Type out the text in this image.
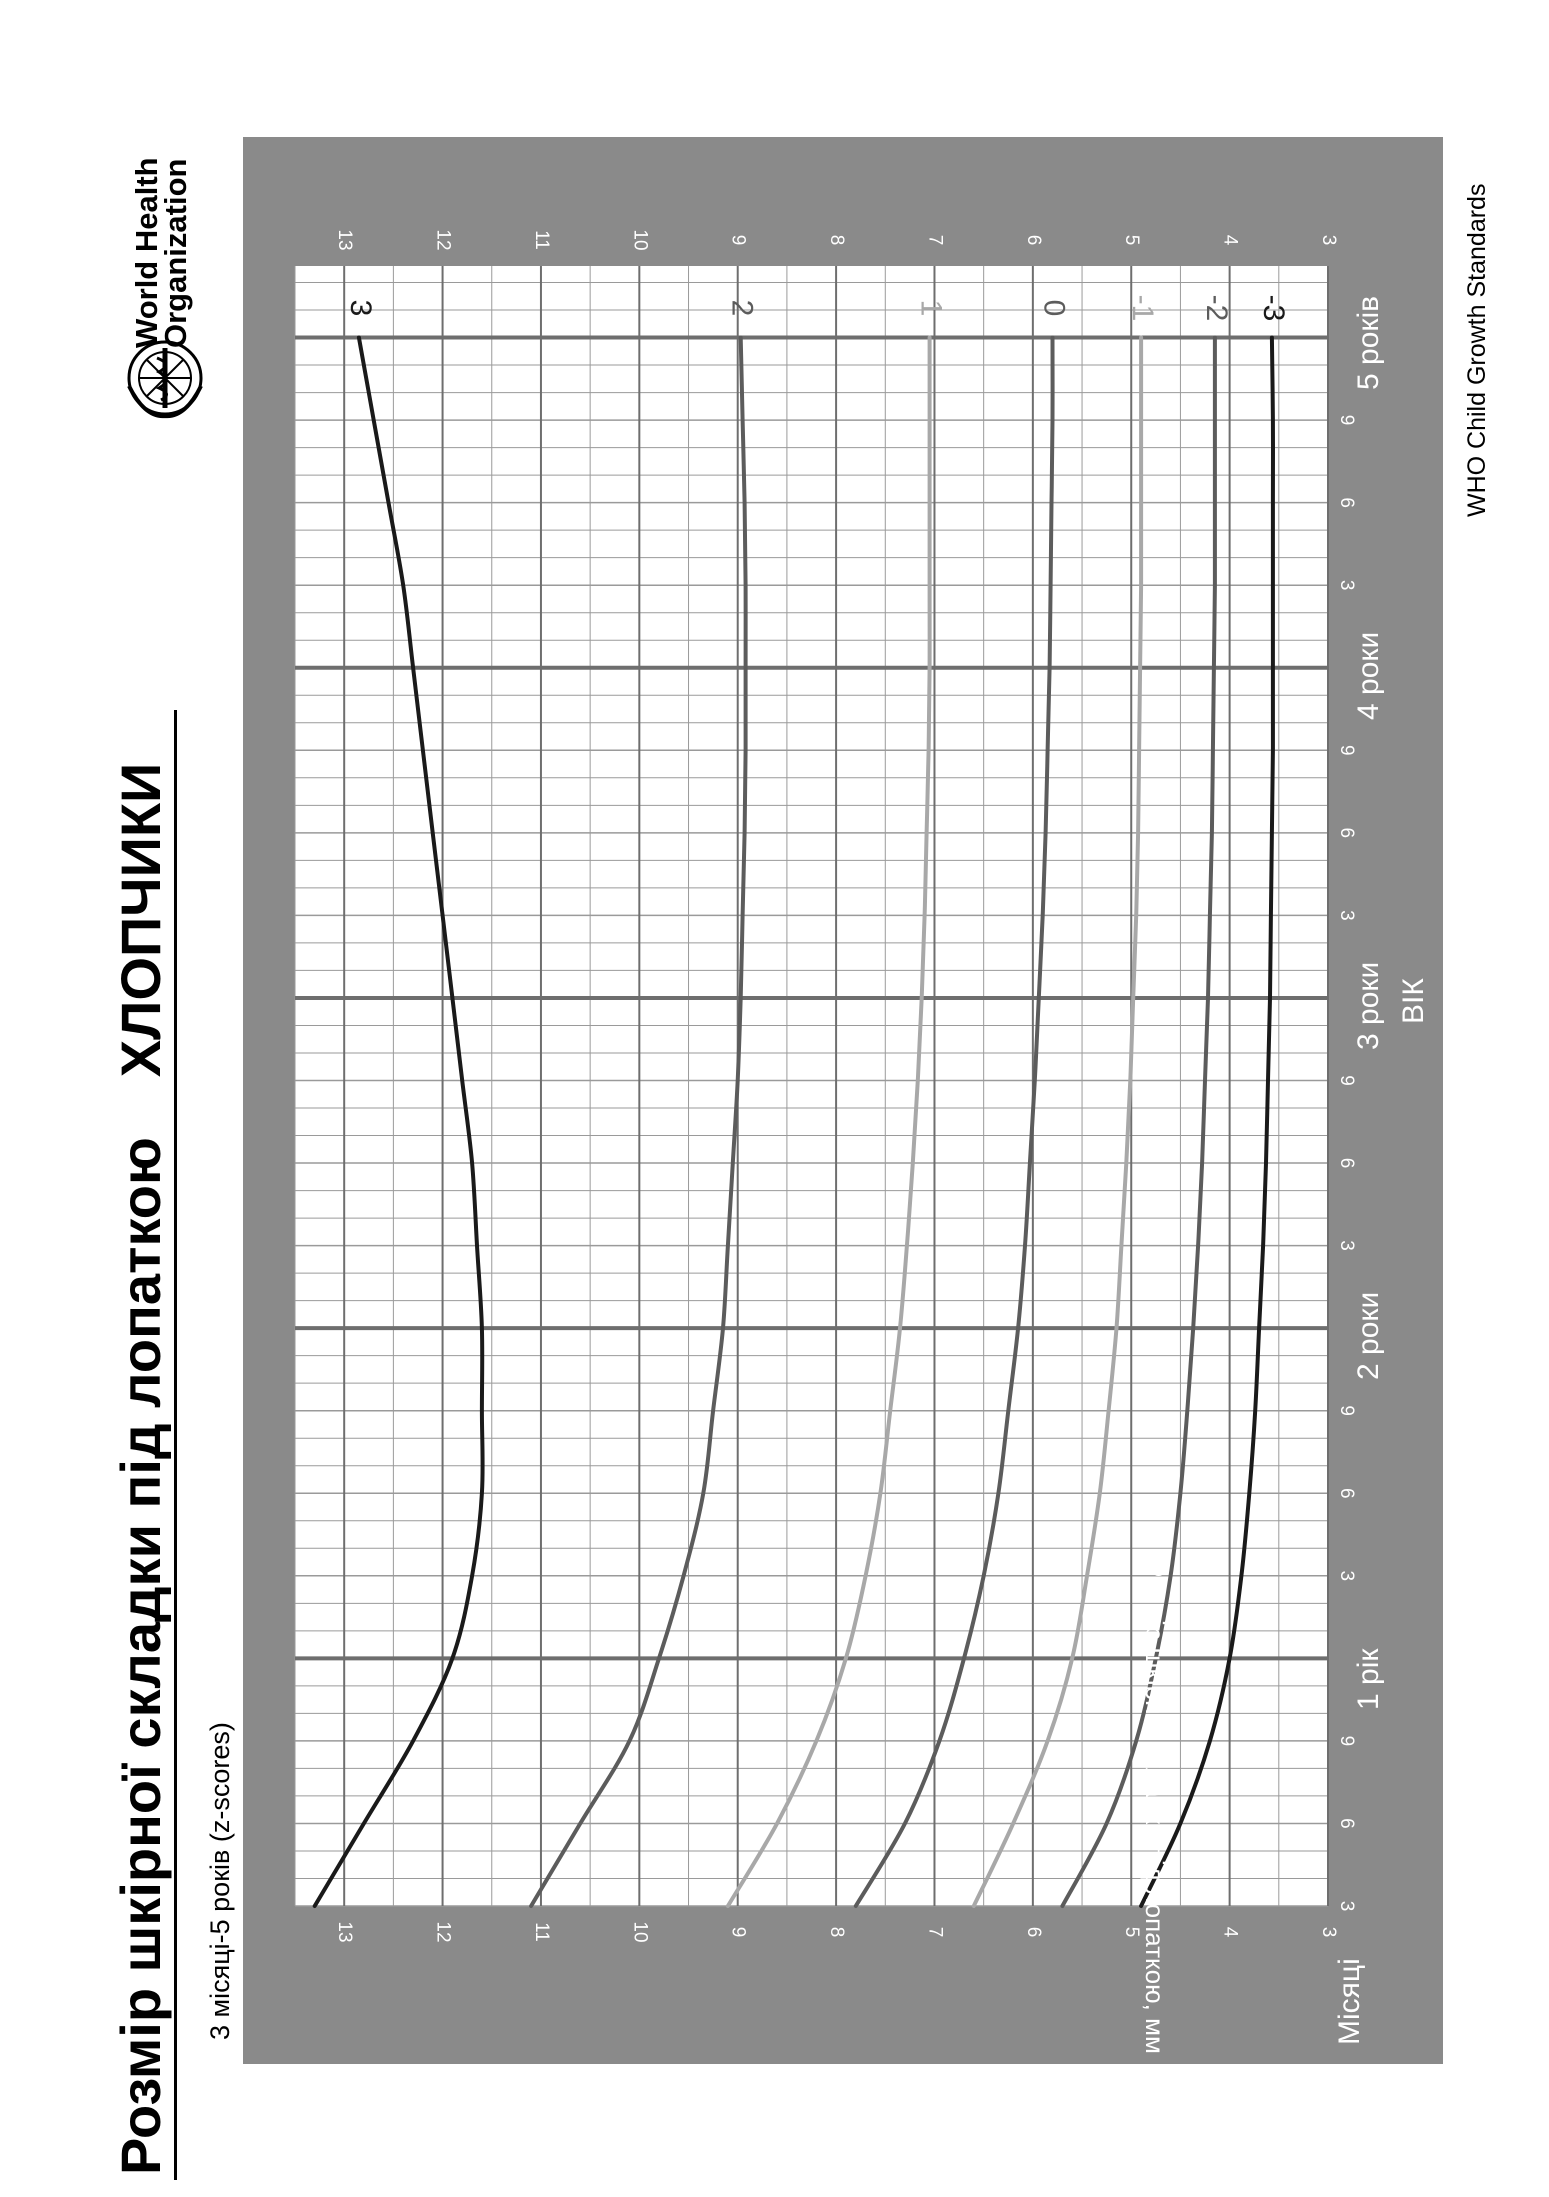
3
4
5
6
7
8
9
10
11
12
13
3
4
5
6
7
8
9
10
11
12
13
3
6
9
3
6
9
3
6
9
3
6
9
3
6
9
3	2	1	0 -1 -2 -3
Розмір шкірної складки під лопаткоюХЛОПЧИКИ
3 місяці-5 років (z-scores)	Розмір шкірної складки під лопаткою, мм	Місяці
ВІК
1 рік
2 роки
3 роки
4 роки
5 років	WHO Child Growth Standards
World Health
Organization
